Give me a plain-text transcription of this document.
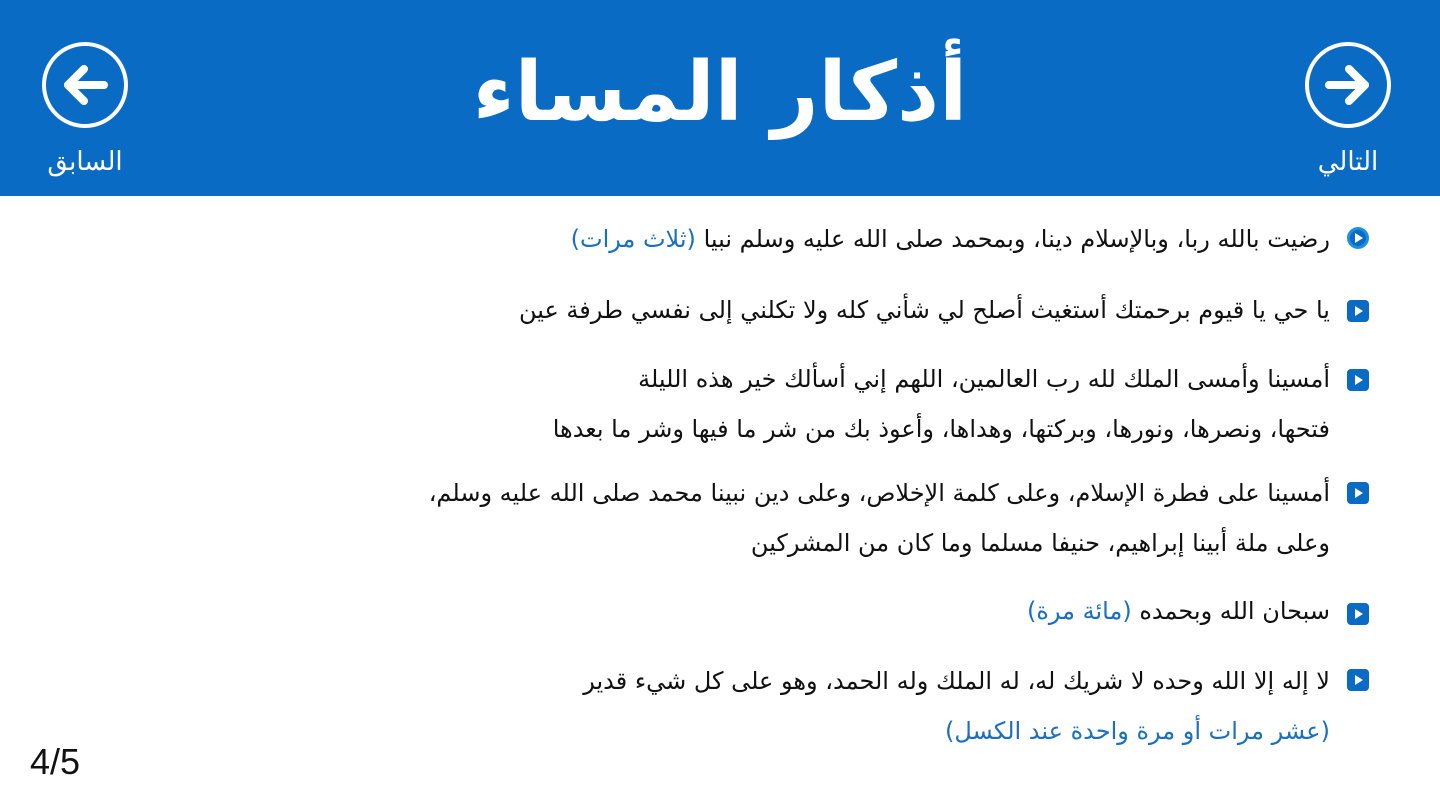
أذكار المساء
السابق	التالي
رضيت بالله ربا، وبالإسلام دينا، وبمحمد صلى الله عليه وسلم نبيا (ثلاث مرات)
يا حي يا قيوم برحمتك أستغيث أصلح لي شأني كله ولا تكلني إلى نفسي طرفة عين
أمسينا وأمسى الملك لله رب العالمين، اللهم إني أسألك خير هذه الليلة
فتحها، ونصرها، ونورها، وبركتها، وهداها، وأعوذ بك من شر ما فيها وشر ما بعدها
أمسينا على فطرة الإسلام، وعلى كلمة الإخلاص، وعلى دين نبينا محمد صلى الله عليه وسلم،
وعلى ملة أبينا إبراهيم، حنيفا مسلما وما كان من المشركين
سبحان الله وبحمده (مائة مرة)
لا إله إلا الله وحده لا شريك له، له الملك وله الحمد، وهو على كل شيء قدير
(عشر مرات أو مرة واحدة عند الكسل)
4/5
